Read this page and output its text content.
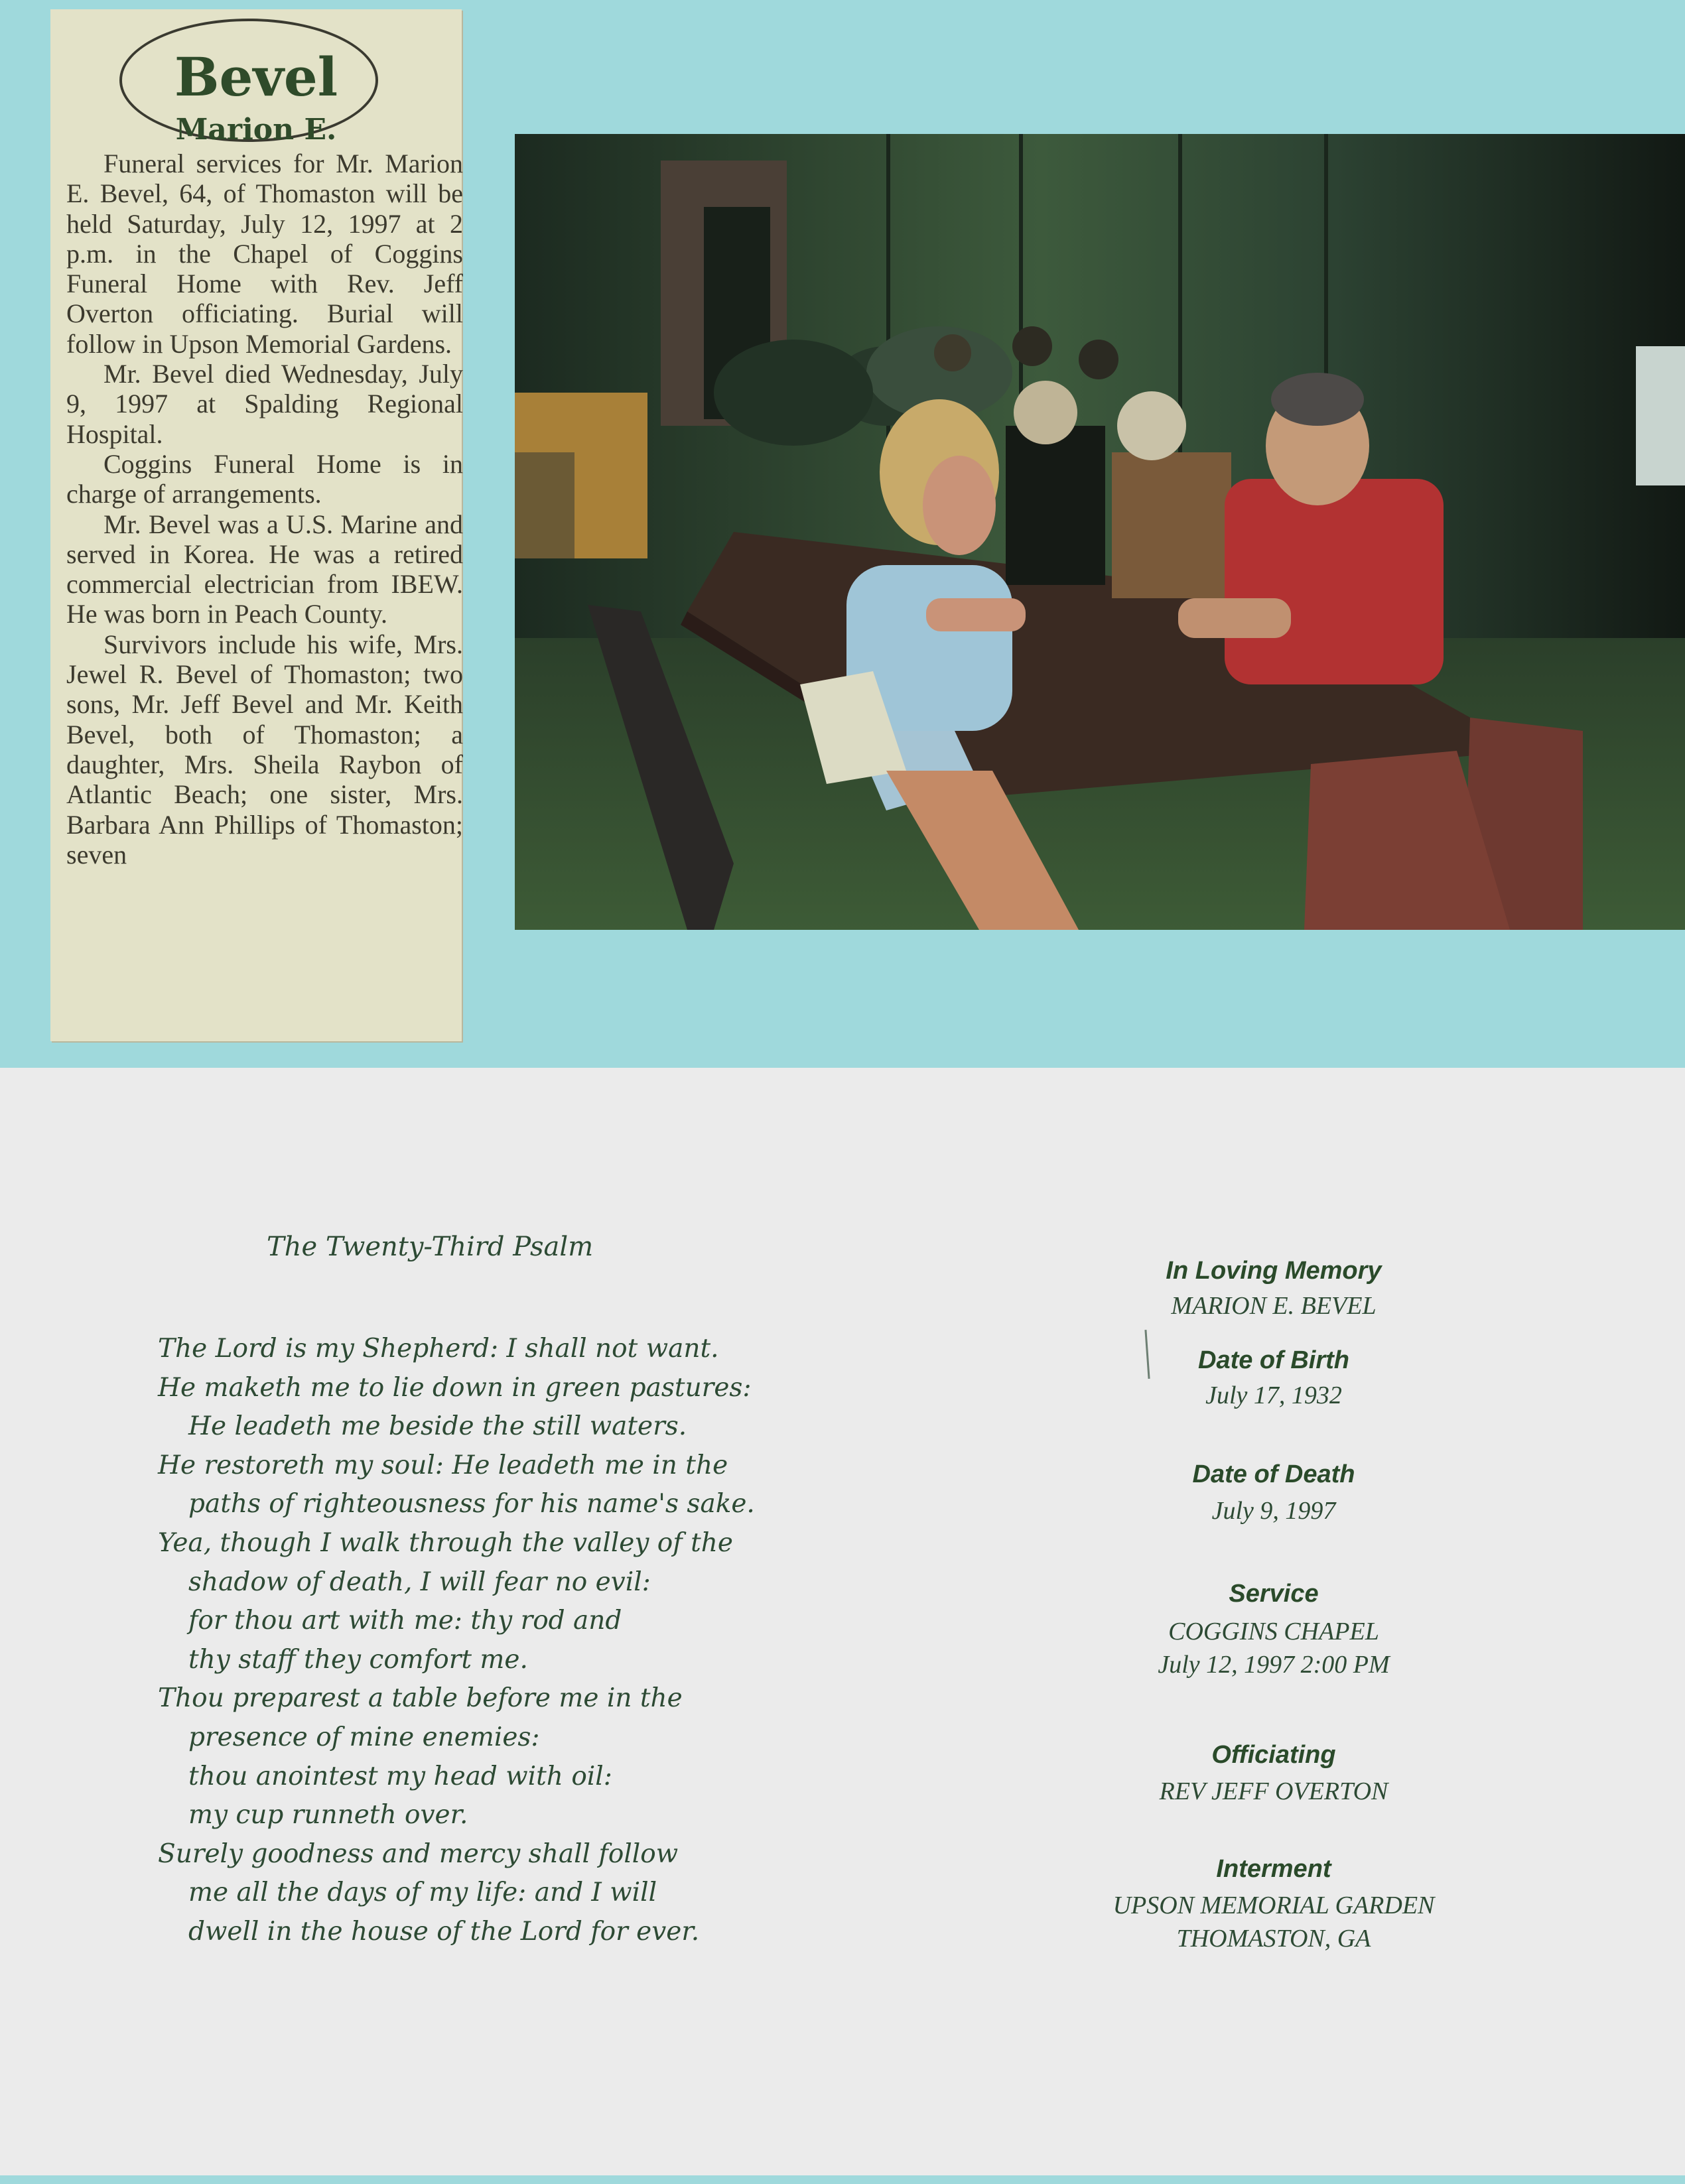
Bevel
Marion E.

Funeral services for Mr. Marion E. Bevel, 64, of Thomaston will be held Saturday, July 12, 1997 at 2 p.m. in the Chapel of Coggins Funeral Home with Rev. Jeff Overton officiating. Burial will follow in Upson Memorial Gardens.

Mr. Bevel died Wednesday, July 9, 1997 at Spalding Regional Hospital.

Coggins Funeral Home is in charge of arrangements.

Mr. Bevel was a U.S. Marine and served in Korea. He was a retired commercial electrician from IBEW. He was born in Peach County.

Survivors include his wife, Mrs. Jewel R. Bevel of Thomaston; two sons, Mr. Jeff Bevel and Mr. Keith Bevel, both of Thomaston; a daughter, Mrs. Sheila Raybon of Atlantic Beach; one sister, Mrs. Barbara Ann Phillips of Thomaston; seven

The Twenty-Third Psalm
The Lord is my Shepherd: I shall not want.
He maketh me to lie down in green pastures:
He leadeth me beside the still waters.
He restoreth my soul: He leadeth me in the
paths of righteousness for his name's sake.
Yea, though I walk through the valley of the
shadow of death, I will fear no evil:
for thou art with me: thy rod and
thy staff they comfort me.
Thou preparest a table before me in the
presence of mine enemies:
thou anointest my head with oil:
my cup runneth over.
Surely goodness and mercy shall follow
me all the days of my life: and I will
dwell in the house of the Lord for ever.
In Loving Memory
MARION E. BEVEL
Date of Birth
July 17, 1932
Date of Death
July 9, 1997
Service
COGGINS CHAPEL
July 12, 1997 2:00 PM
Officiating
REV JEFF OVERTON
Interment
UPSON MEMORIAL GARDEN
THOMASTON, GA
